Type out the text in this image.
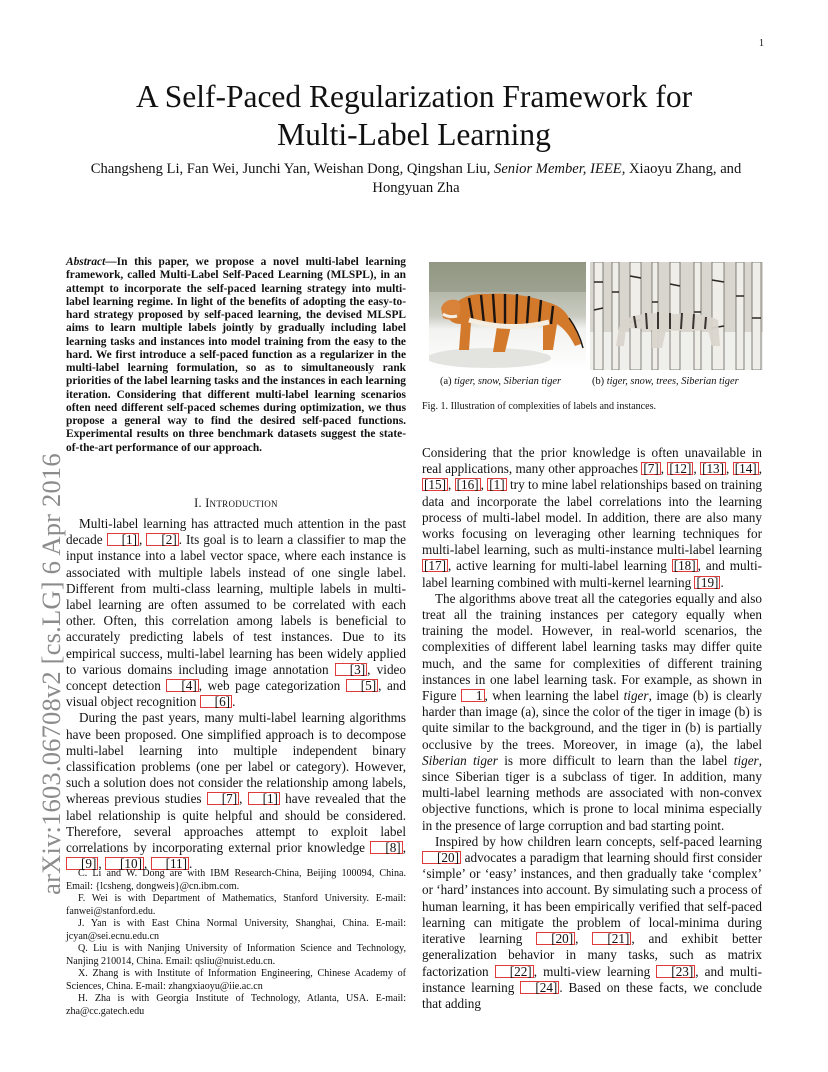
1
arXiv:1603.06708v2 [cs.LG] 6 Apr 2016
A Self-Paced Regularization Framework for
Multi-Label Learning
Changsheng Li, Fan Wei, Junchi Yan, Weishan Dong, Qingshan Liu, Senior Member, IEEE, Xiaoyu Zhang, and
Hongyuan Zha
Abstract—In this paper, we propose a novel multi-label learning framework, called Multi-Label Self-Paced Learning (MLSPL), in an attempt to incorporate the self-paced learning strategy into multi-label learning regime. In light of the benefits of adopting the easy-to-hard strategy proposed by self-paced learning, the devised MLSPL aims to learn multiple labels jointly by gradually including label learning tasks and instances into model training from the easy to the hard. We first introduce a self-paced function as a regularizer in the multi-label learning formulation, so as to simultaneously rank priorities of the label learning tasks and the instances in each learning iteration. Considering that different multi-label learning scenarios often need different self-paced schemes during optimization, we thus propose a general way to find the desired self-paced functions. Experimental results on three benchmark datasets suggest the state-of-the-art performance of our approach.
I. Introduction

Multi-label learning has attracted much attention in the past decade [1] , [2] . Its goal is to learn a classifier to map the input instance into a label vector space, where each instance is associated with multiple labels instead of one single label. Different from multi-class learning, multiple labels in multi-label learning are often assumed to be correlated with each other. Often, this correlation among labels is beneficial to accurately predicting labels of test instances. Due to its empirical success, multi-label learning has been widely applied to various domains including image annotation [3] , video concept detection [4] , web page categorization [5] , and visual object recognition [6] .

During the past years, many multi-label learning algorithms have been proposed. One simplified approach is to decompose multi-label learning into multiple independent binary classification problems (one per label or category). However, such a solution does not consider the relationship among labels, whereas previous studies [7] , [1] have revealed that the label relationship is quite helpful and should be considered. Therefore, several approaches attempt to exploit label correlations by incorporating external prior knowledge [8] , [9] , [10] , [11] .

C. Li and W. Dong are with IBM Research-China, Beijing 100094, China. Email: {lcsheng, dongweis}@cn.ibm.com.

F. Wei is with Department of Mathematics, Stanford University. E-mail: fanwei@stanford.edu.

J. Yan is with East China Normal University, Shanghai, China. E-mail: jcyan@sei.ecnu.edu.cn

Q. Liu is with Nanjing University of Information Science and Technology, Nanjing 210014, China. Email: qsliu@nuist.edu.cn.

X. Zhang is with Institute of Information Engineering, Chinese Academy of Sciences, China. E-mail: zhangxiaoyu@iie.ac.cn

H. Zha is with Georgia Institute of Technology, Atlanta, USA. E-mail: zha@cc.gatech.edu

(a) tiger, snow, Siberian tiger	(b) tiger, snow, trees, Siberian tiger
Fig. 1. Illustration of complexities of labels and instances.

Considering that the prior knowledge is often unavailable in real applications, many other approaches [7] , [12] , [13] , [14] , [15] , [16] , [1] try to mine label relationships based on training data and incorporate the label correlations into the learning process of multi-label model. In addition, there are also many works focusing on leveraging other learning techniques for multi-label learning, such as multi-instance multi-label learning [17] , active learning for multi-label learning [18] , and multi-label learning combined with multi-kernel learning [19] .

The algorithms above treat all the categories equally and also treat all the training instances per category equally when training the model. However, in real-world scenarios, the complexities of different label learning tasks may differ quite much, and the same for complexities of different training instances in one label learning task. For example, as shown in Figure 1 , when learning the label tiger, image (b) is clearly harder than image (a), since the color of the tiger in image (b) is quite similar to the background, and the tiger in (b) is partially occlusive by the trees. Moreover, in image (a), the label Siberian tiger is more difficult to learn than the label tiger, since Siberian tiger is a subclass of tiger. In addition, many multi-label learning methods are associated with non-convex objective functions, which is prone to local minima especially in the presence of large corruption and bad starting point.

Inspired by how children learn concepts, self-paced learning [20] advocates a paradigm that learning should first consider ‘simple’ or ‘easy’ instances, and then gradually take ‘complex’ or ‘hard’ instances into account. By simulating such a process of human learning, it has been empirically verified that self-paced learning can mitigate the problem of local-minima during iterative learning [20] , [21] , and exhibit better generalization behavior in many tasks, such as matrix factorization [22] , multi-view learning [23] , and multi-instance learning [24] . Based on these facts, we conclude that adding
